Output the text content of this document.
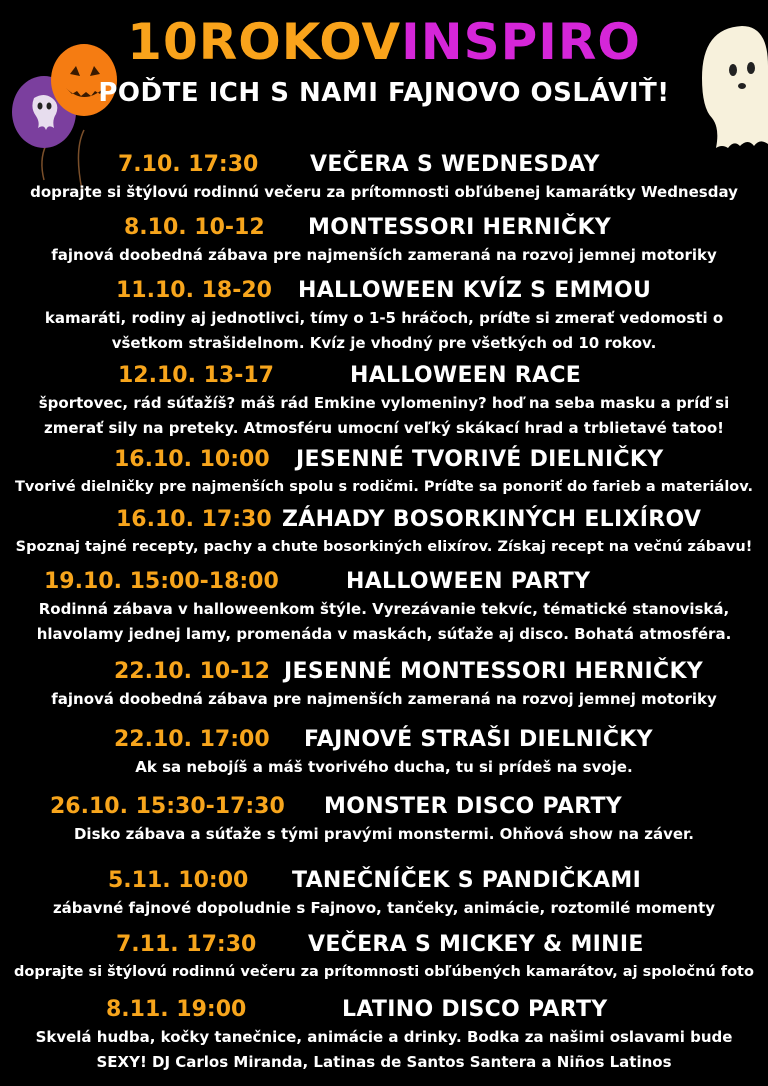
10ROKOVINSPIRO
POĎTE ICH S NAMI FAJNOVO OSLÁVIŤ!
7.10. 17:30 VEČERA S WEDNESDAY
doprajte si štýlovú rodinnú večeru za prítomnosti obľúbenej kamarátky Wednesday
8.10. 10-12 MONTESSORI HERNIČKY
fajnová doobedná zábava pre najmenších zameraná na rozvoj jemnej motoriky
11.10. 18-20 HALLOWEEN KVÍZ S EMMOU
kamaráti, rodiny aj jednotlivci, tímy o 1-5 hráčoch, príďte si zmerať vedomosti o všetkom strašidelnom. Kvíz je vhodný pre všetkých od 10 rokov.
12.10. 13-17	HALLOWEEN RACE
športovec, rád súťažíš? máš rád Emkine vylomeniny? hoď na seba masku a príď si zmerať sily na preteky. Atmosféru umocní veľký skákací hrad a trblietavé tatoo!
16.10. 10:00 JESENNÉ TVORIVÉ DIELNIČKY
Tvorivé dielničky pre najmenších spolu s rodičmi. Príďte sa ponoriť do farieb a materiálov.
16.10. 17:30 ZÁHADY BOSORKINÝCH ELIXÍROV
Spoznaj tajné recepty, pachy a chute bosorkiných elixírov. Získaj recept na večnú zábavu!
19.10. 15:00-18:00	HALLOWEEN PARTY
Rodinná zábava v halloweenkom štýle. Vyrezávanie tekvíc, tématické stanoviská, hlavolamy jednej lamy, promenáda v maskách, súťaže aj disco. Bohatá atmosféra.
22.10. 10-12 JESENNÉ MONTESSORI HERNIČKY
fajnová doobedná zábava pre najmenších zameraná na rozvoj jemnej motoriky
22.10. 17:00 FAJNOVÉ STRAŠI DIELNIČKY
Ak sa nebojíš a máš tvorivého ducha, tu si prídeš na svoje.
26.10. 15:30-17:30 MONSTER DISCO PARTY
Disko zábava a súťaže s tými pravými monstermi. Ohňová show na záver.
5.11. 10:00 TANEČNÍČEK S PANDIČKAMI
zábavné fajnové dopoludnie s Fajnovo, tančeky, animácie, roztomilé momenty
7.11. 17:30 VEČERA S MICKEY & MINIE
doprajte si štýlovú rodinnú večeru za prítomnosti obľúbených kamarátov, aj spoločnú foto
8.11. 19:00	LATINO DISCO PARTY
Skvelá hudba, kočky tanečnice, animácie a drinky. Bodka za našimi oslavami bude SEXY! DJ Carlos Miranda, Latinas de Santos Santera a Niños Latinos
